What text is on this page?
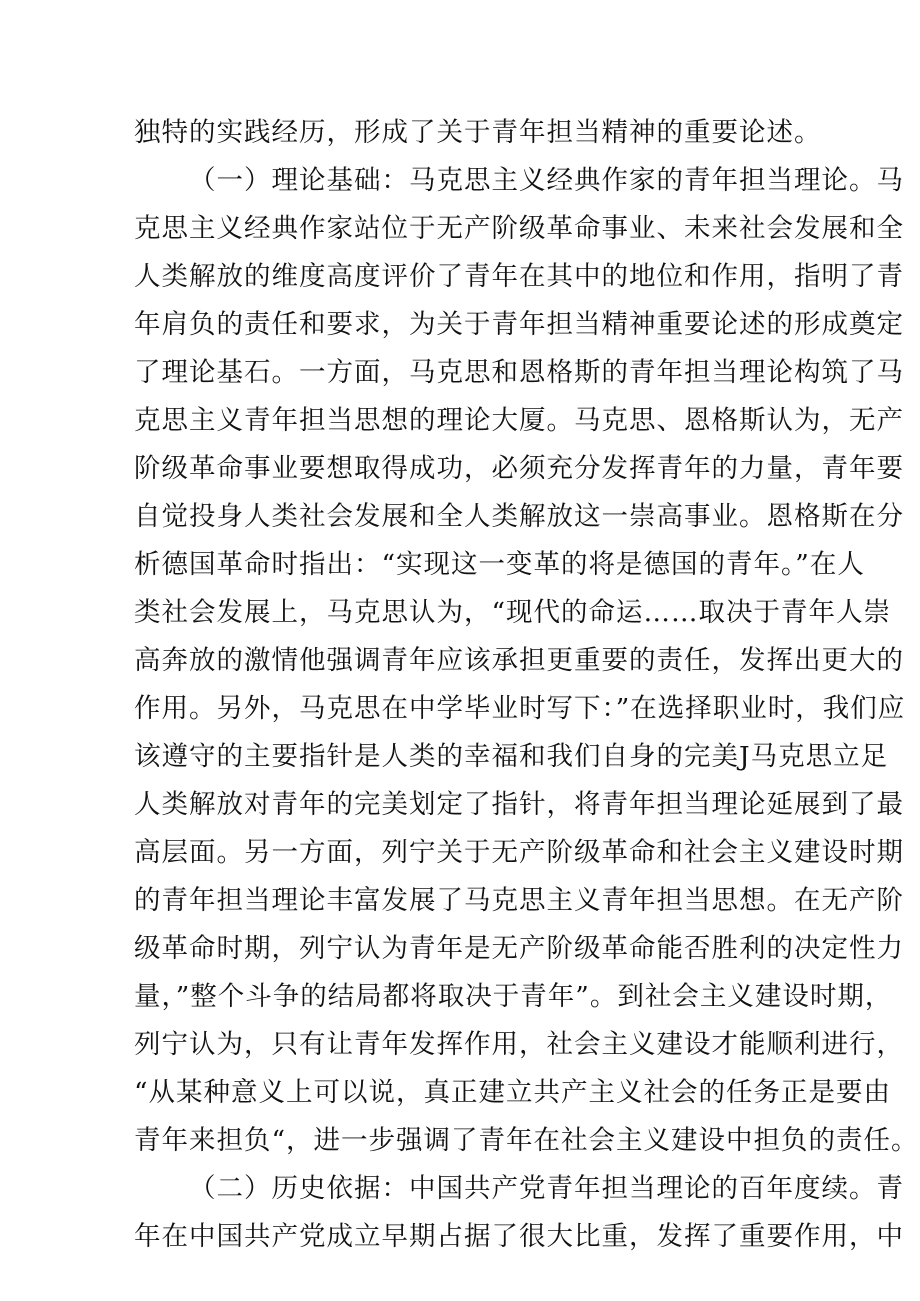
独特的实践经历，形成了关于青年担当精神的重要论述。
（一）理论基础：马克思主义经典作家的青年担当理论。马
克思主义经典作家站位于无产阶级革命事业、未来社会发展和全
人类解放的维度高度评价了青年在其中的地位和作用，指明了青
年肩负的责任和要求，为关于青年担当精神重要论述的形成奠定
了理论基石。一方面，马克思和恩格斯的青年担当理论构筑了马
克思主义青年担当思想的理论大厦。马克思、恩格斯认为，无产
阶级革命事业要想取得成功，必须充分发挥青年的力量，青年要
自觉投身人类社会发展和全人类解放这一崇高事业。恩格斯在分
析德国革命时指出：“实现这一变革的将是德国的青年。”在人
类社会发展上，马克思认为，“现代的命运……取决于青年人崇
高奔放的激情他强调青年应该承担更重要的责任，发挥出更大的
作用。另外，马克思在中学毕业时写下：”在选择职业时，我们应
该遵守的主要指针是人类的幸福和我们自身的完美J马克思立足
人类解放对青年的完美划定了指针，将青年担当理论延展到了最
高层面。另一方面，列宁关于无产阶级革命和社会主义建设时期
的青年担当理论丰富发展了马克思主义青年担当思想。在无产阶
级革命时期，列宁认为青年是无产阶级革命能否胜利的决定性力
量，”整个斗争的结局都将取决于青年”。到社会主义建设时期，
列宁认为，只有让青年发挥作用，社会主义建设才能顺利进行，
“从某种意义上可以说，真正建立共产主义社会的任务正是要由
青年来担负“，进一步强调了青年在社会主义建设中担负的责任。
（二）历史依据：中国共产党青年担当理论的百年度续。青
年在中国共产党成立早期占据了很大比重，发挥了重要作用，中
